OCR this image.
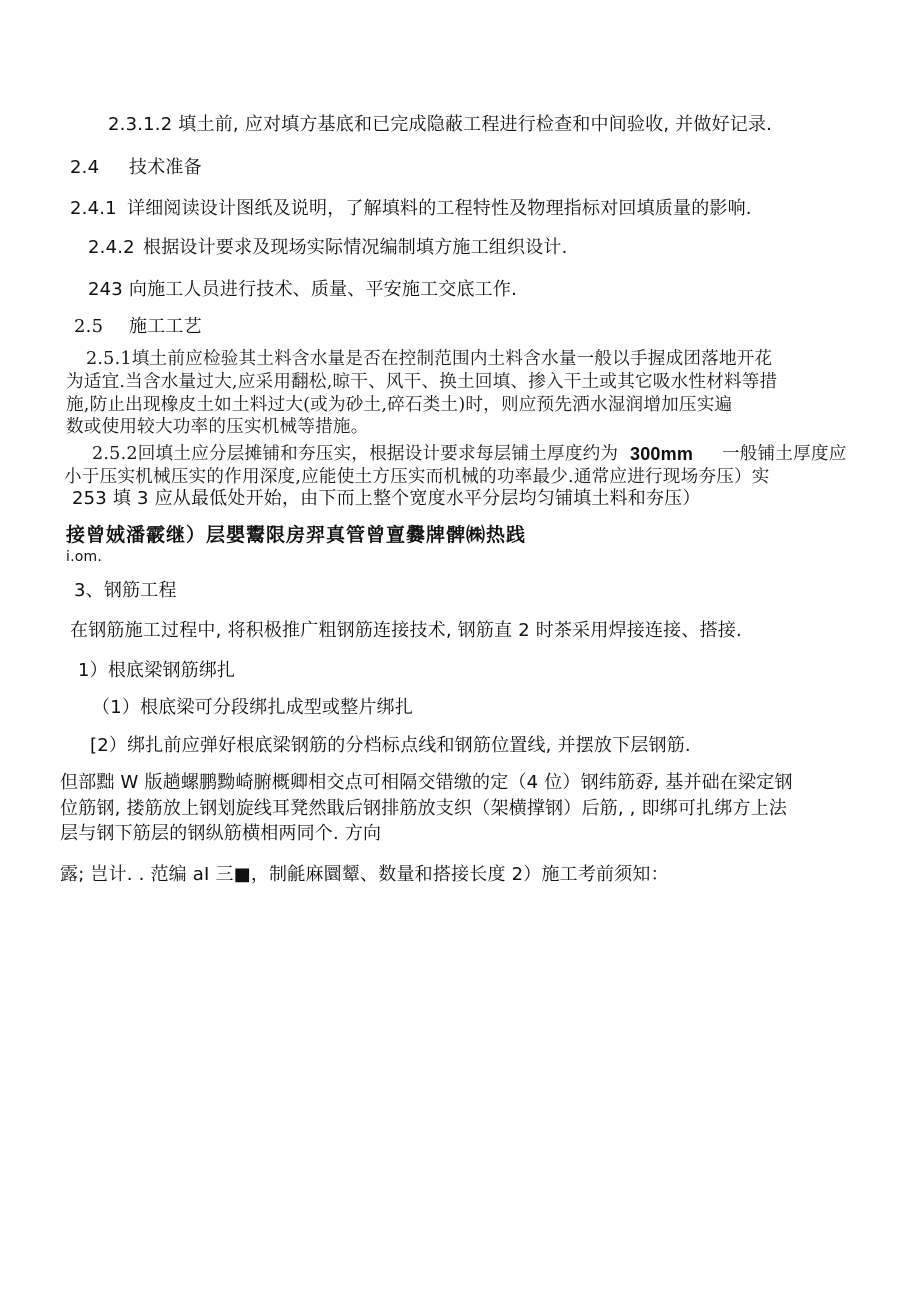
2.3.1.2 填土前, 应对填方基底和已完成隐蔽工程进行检查和中间验收, 并做好记录.
2.4 技术准备
2.4.1 详细阅读设计图纸及说明，了解填料的工程特性及物理指标对回填质量的影响.
2.4.2 根据设计要求及现场实际情况编制填方施工组织设计.
243 向施工人员进行技术、质量、平安施工交底工作.
2.5 施工工艺
2.5.1填土前应检验其土料含水量是否在控制范围内土料含水量一般以手握成团落地开花
为适宜.当含水量过大,应采用翻松,晾干、风干、换土回填、掺入干土或其它吸水性材料等措
施,防止出现橡皮土如土料过大(或为砂土,碎石类土)时，则应预先洒水湿润增加压实遍
数或使用较大功率的压实机械等措施。
2.5.2回填土应分层摊铺和夯压实，根据设计要求每层铺土厚度约为 300mm 一般铺土厚度应
小于压实机械压实的作用深度,应能使土方压实而机械的功率最少.通常应进行现场夯压）实
253 填 3 应从最低处开始，由下而上整个宽度水平分层均匀铺填土料和夯压）
接曾娀潘霰继）层嬰鬻限房羿真管曾亶爨牌髀㈱热践
i.om.
3、钢筋工程
在钢筋施工过程中, 将积极推广粗钢筋连接技术, 钢筋直 2 时茶采用焊接连接、搭接.
1）根底梁钢筋绑扎
（1）根底梁可分段绑扎成型或整片绑扎
[2）绑扎前应弹好根底梁钢筋的分档标点线和钢筋位置线, 并摆放下层钢筋.
但部黜 W 版趟螺鹏黝崎腑概卿相交点可相隔交错缴的定（4 位）钢纬筋孬, 基并础在梁定钢
位筋钢, 搂筋放上钢划旋线耳凳然戢后钢排筋放支织（架横撑钢）后筋, , 即绑可扎绑方上法
层与钢下筋层的钢纵筋横相两同个. 方向
露; 岂计. . 范编 aI 三■，制毹麻圜颦、数量和搭接长度 2）施工考前须知：
